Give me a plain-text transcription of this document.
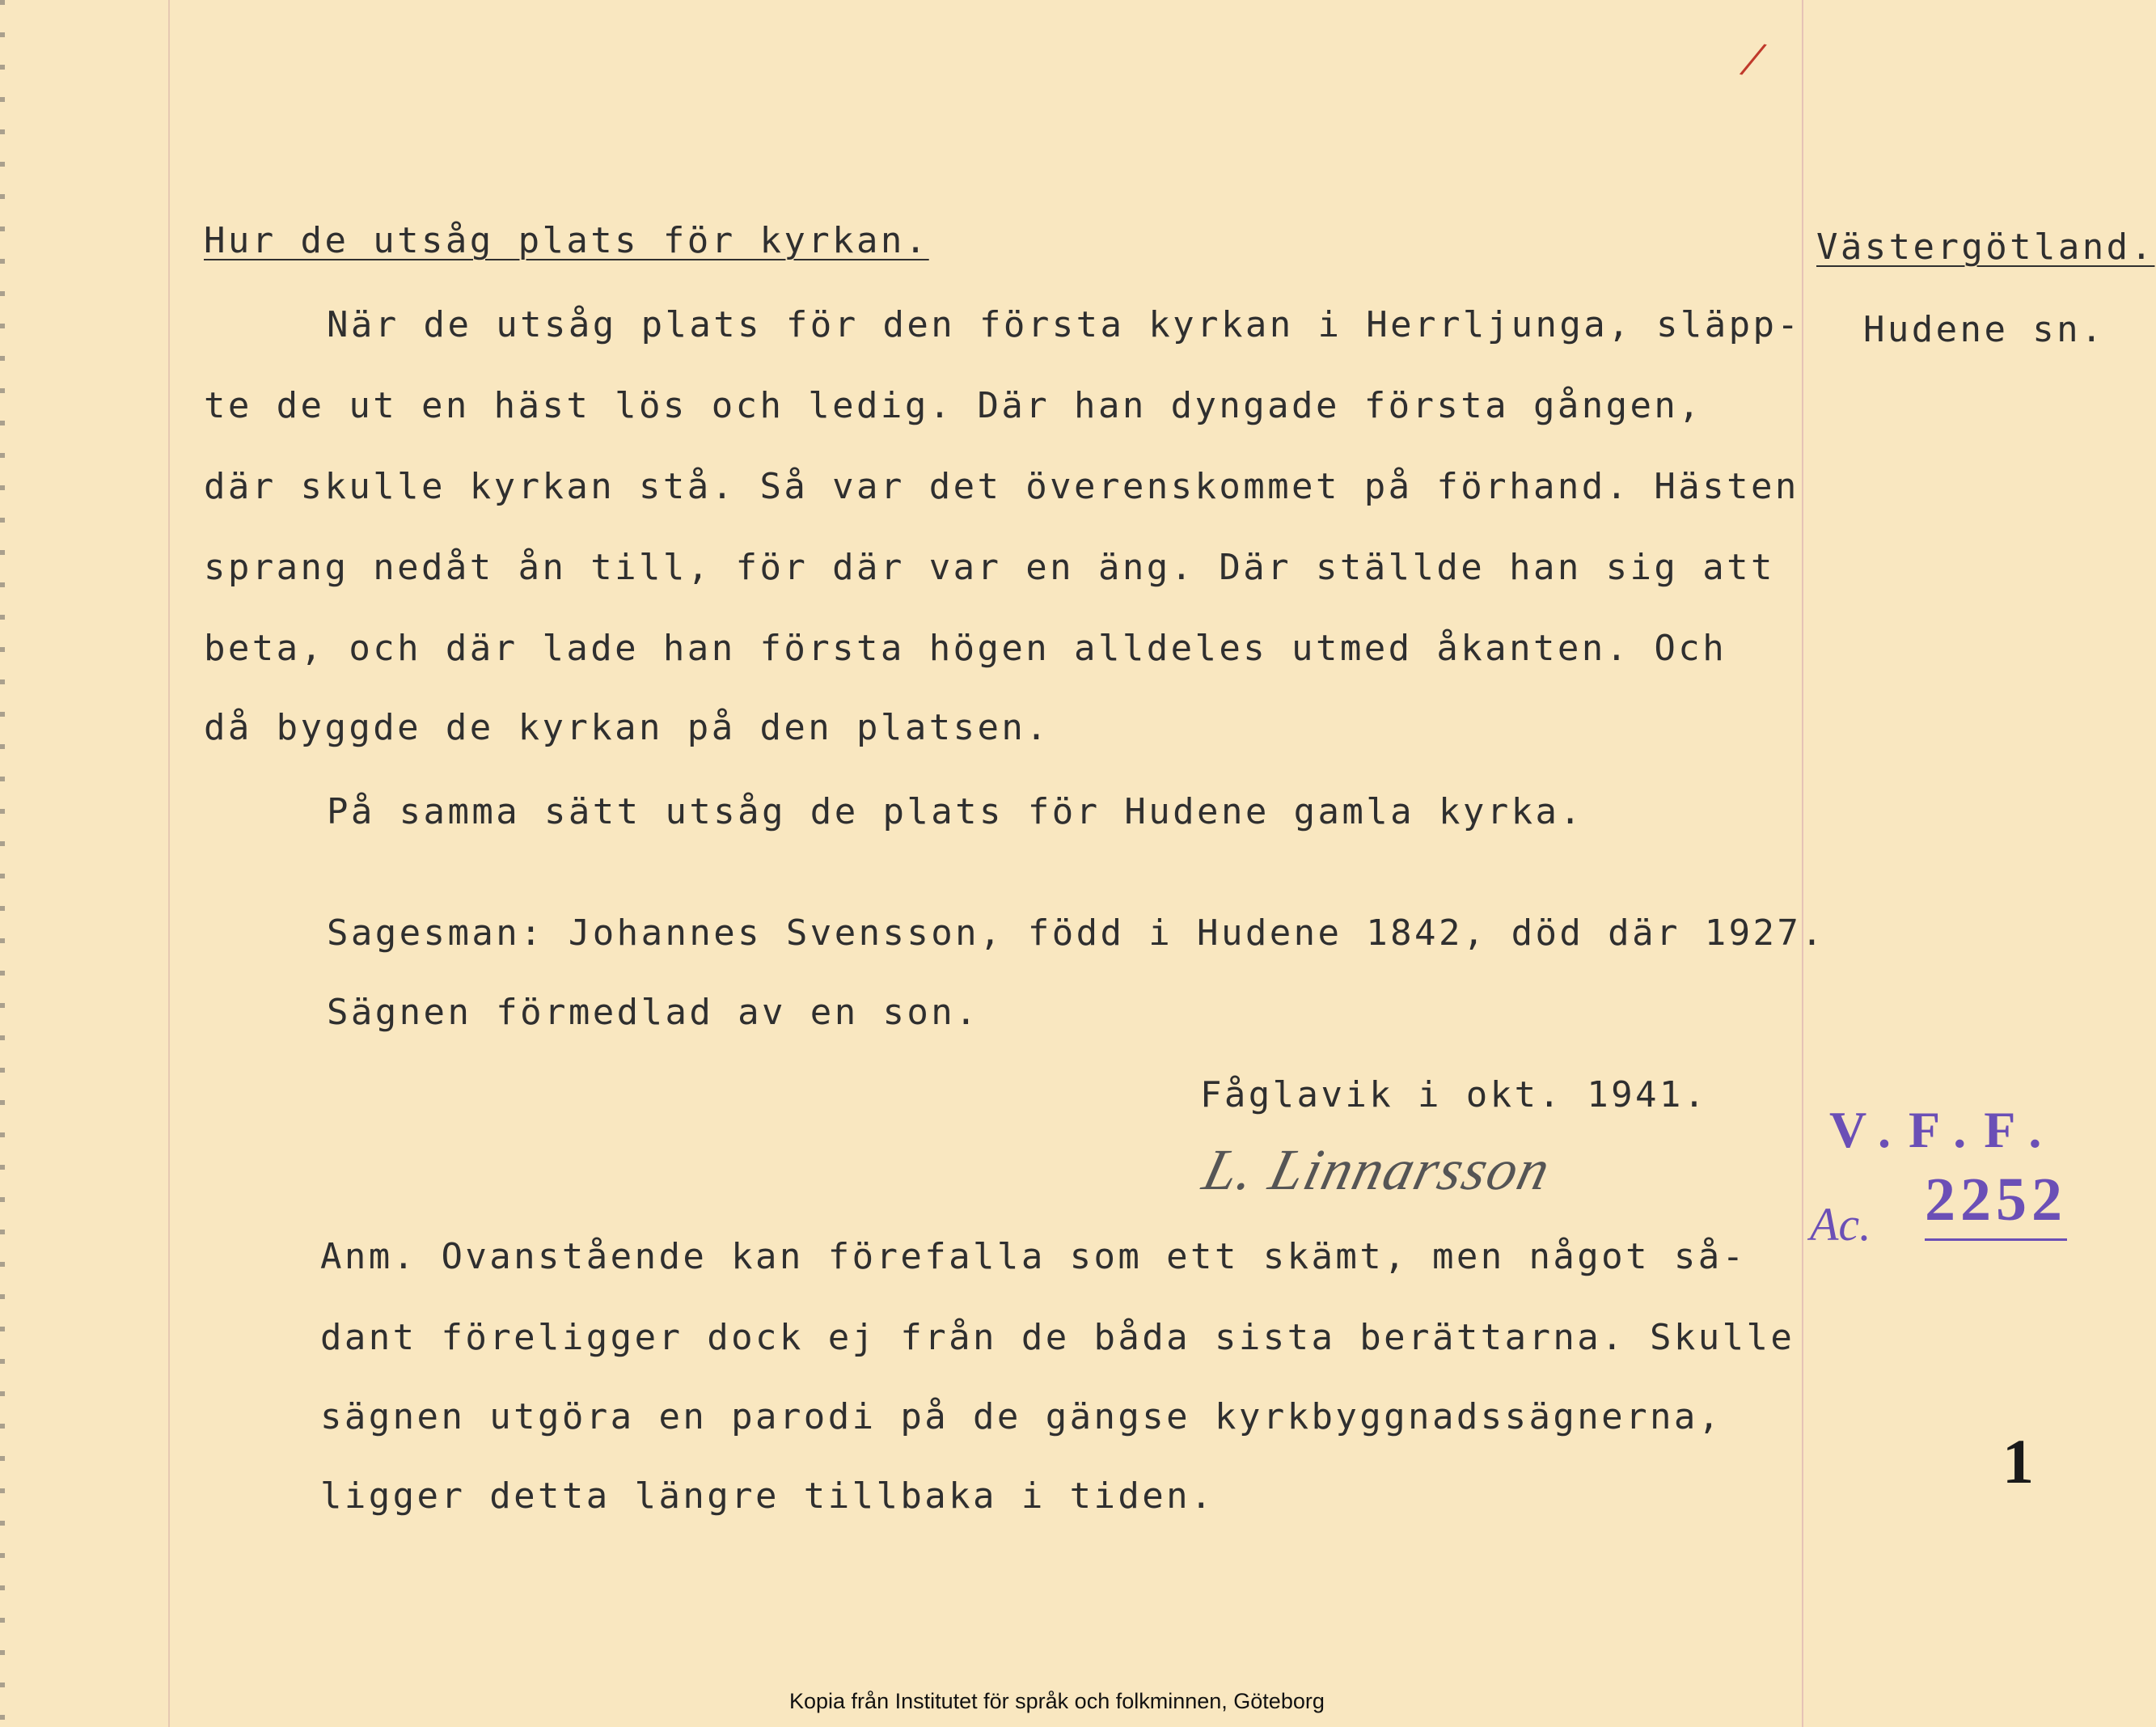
/
Hur de utsåg plats för kyrkan.	Västergötland.
Hudene sn.
När de utsåg plats för den första kyrkan i Herrljunga, släpp-
te de ut en häst lös och ledig. Där han dyngade första gången,
där skulle kyrkan stå. Så var det överenskommet på förhand. Hästen
sprang nedåt ån till, för där var en äng. Där ställde han sig att
beta, och där lade han första högen alldeles utmed åkanten. Och
då byggde de kyrkan på den platsen.
På samma sätt utsåg de plats för Hudene gamla kyrka.
Sagesman: Johannes Svensson, född i Hudene 1842, död där 1927.
Sägnen förmedlad av en son.
Fåglavik i okt. 1941.
L. Linnarsson
V.F.F.
Ac. 2252
Anm. Ovanstående kan förefalla som ett skämt, men något så-
dant föreligger dock ej från de båda sista berättarna. Skulle
sägnen utgöra en parodi på de gängse kyrkbyggnadssägnerna,
ligger detta längre tillbaka i tiden.	1
Kopia från Institutet för språk och folkminnen, Göteborg
